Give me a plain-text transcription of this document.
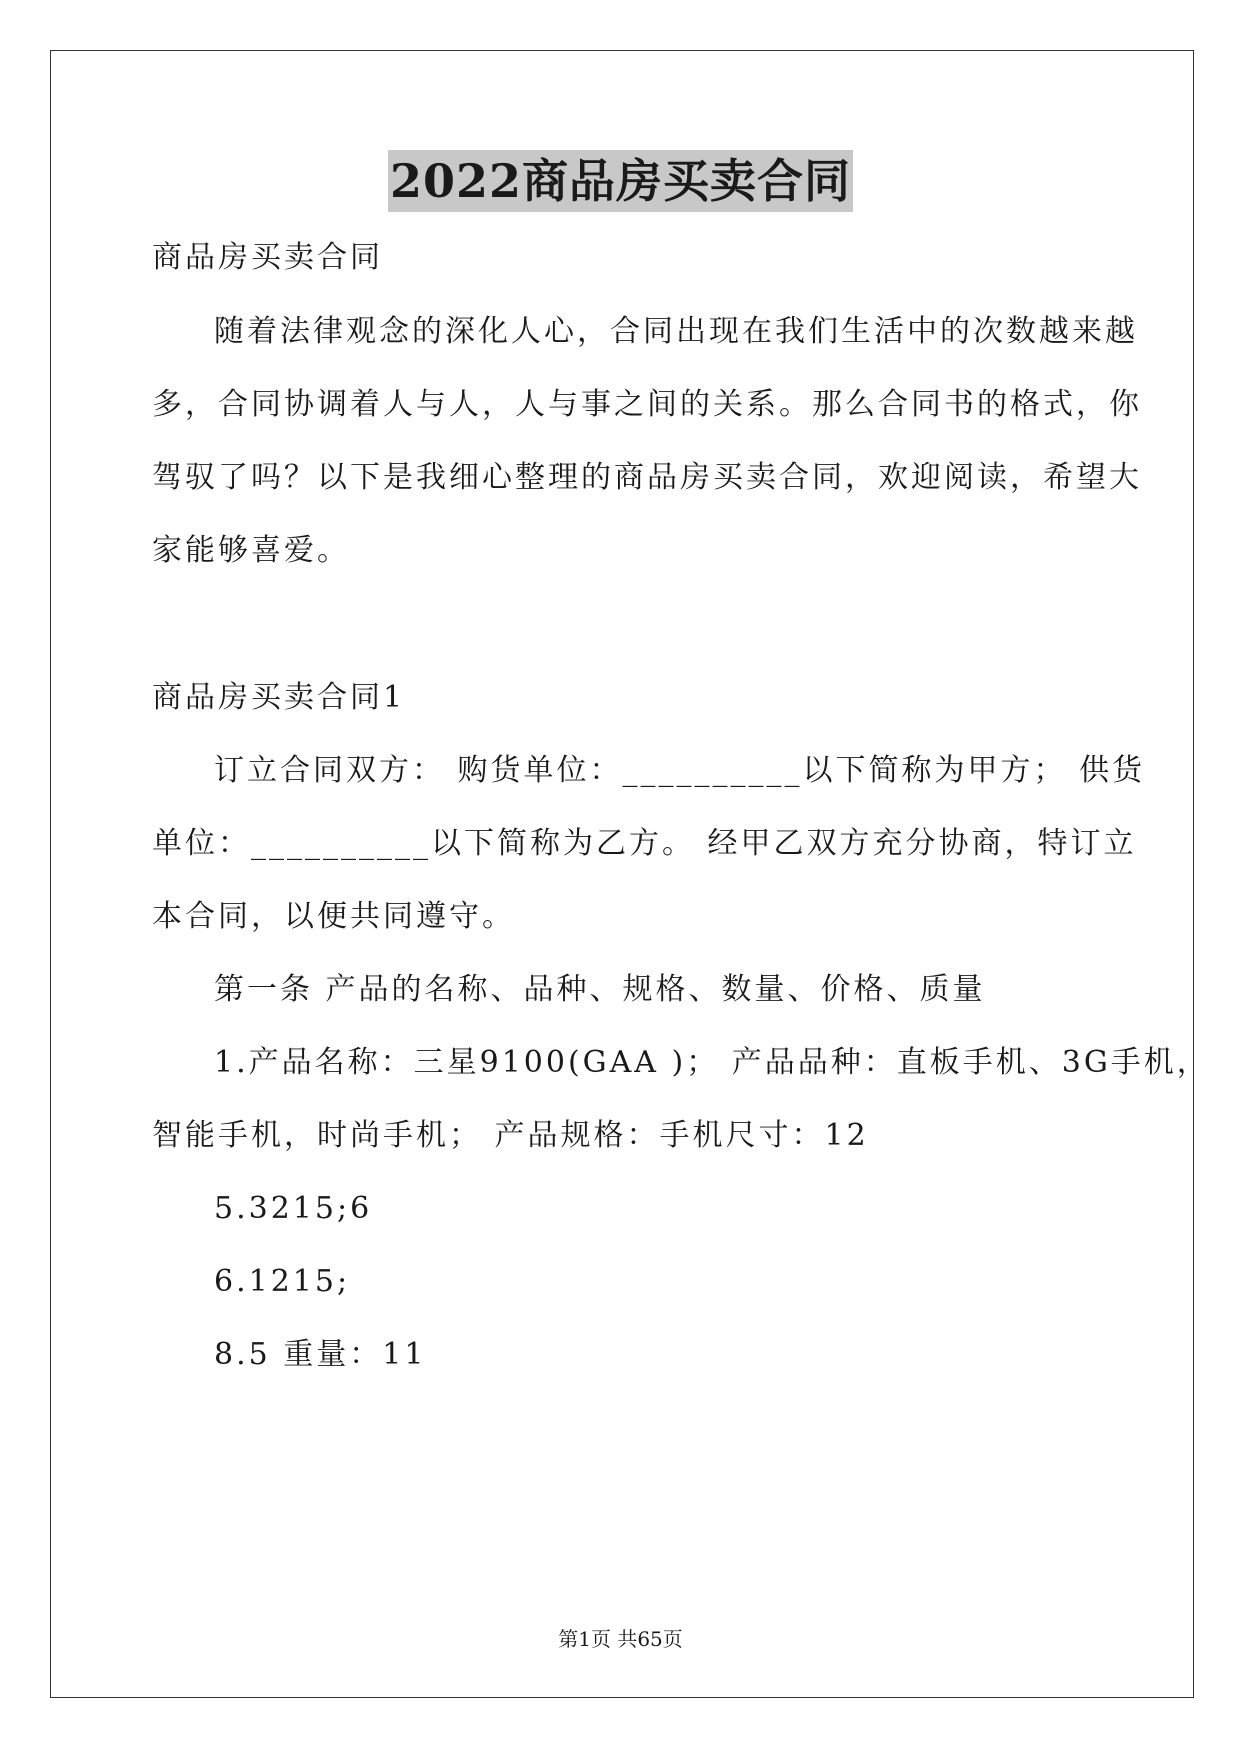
2022商品房买卖合同
商品房买卖合同
随着法律观念的深化人心，合同出现在我们生活中的次数越来越
多，合同协调着人与人，人与事之间的关系。那么合同书的格式，你
驾驭了吗？以下是我细心整理的商品房买卖合同，欢迎阅读，希望大
家能够喜爱。
商品房买卖合同1
订立合同双方： 购货单位：__________以下简称为甲方； 供货
单位：__________以下简称为乙方。 经甲乙双方充分协商，特订立
本合同，以便共同遵守。
第一条 产品的名称、品种、规格、数量、价格、质量
1.产品名称：三星9100(GAA )； 产品品种：直板手机、3G手机，
智能手机，时尚手机； 产品规格：手机尺寸：12
5.3215;6
6.1215;
8.5 重量：11
第1页 共65页
